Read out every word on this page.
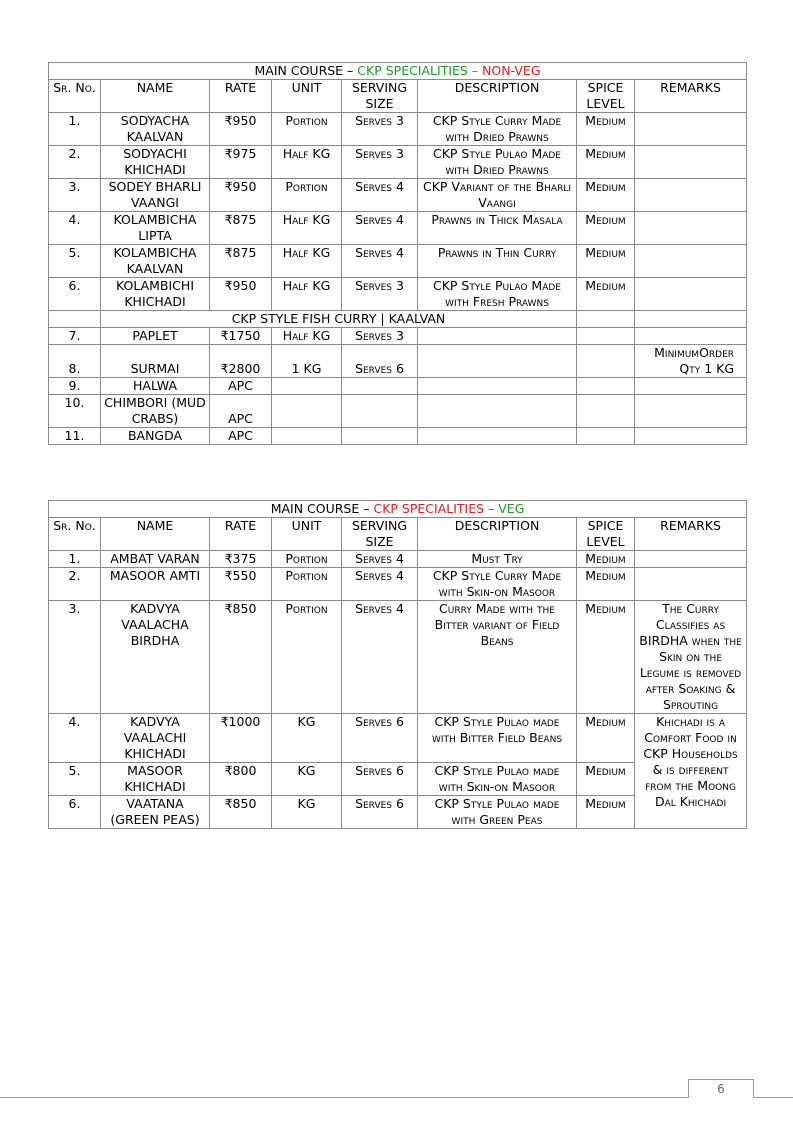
MAIN COURSE – CKP SPECIALITIES – NON-VEG							
Sr. No.	NAME	RATE	UNIT	SERVING SIZE	DESCRIPTION	SPICE LEVEL	REMARKS
1.	SODYACHA KAALVAN	₹950	Portion	Serves 3	CKP Style Curry Made with Dried Prawns	Medium	
2.	SODYACHI KHICHADI	₹975	Half KG	Serves 3	CKP Style Pulao Made with Dried Prawns	Medium	
3.	SODEY BHARLI VAANGI	₹950	Portion	Serves 4	CKP Variant of the Bharli Vaangi	Medium	
4.	KOLAMBICHA LIPTA	₹875	Half KG	Serves 4	Prawns in Thick Masala	Medium	
5.	KOLAMBICHA KAALVAN	₹875	Half KG	Serves 4	Prawns in Thin Curry	Medium	
6.	KOLAMBICHI KHICHADI	₹950	Half KG	Serves 3	CKP Style Pulao Made with Fresh Prawns	Medium	
	CKP STYLE FISH CURRY | KAALVAN						
7.	PAPLET	₹1750	Half KG	Serves 3			
8.	SURMAI	₹2800	1 KG	Serves 6			MinimumOrder Qty 1 KG
9.	HALWA	APC					
10.	CHIMBORI (MUD CRABS)	APC					
11.	BANGDA	APC					
MAIN COURSE – CKP SPECIALITIES – VEG							
Sr. No.	NAME	RATE	UNIT	SERVING SIZE	DESCRIPTION	SPICE LEVEL	REMARKS
1.	AMBAT VARAN	₹375	Portion	Serves 4	Must Try	Medium	
2.	MASOOR AMTI	₹550	Portion	Serves 4	CKP Style Curry Made with Skin-on Masoor	Medium	
3.	KADVYA VAALACHA BIRDHA	₹850	Portion	Serves 4	Curry Made with the Bitter variant of Field Beans	Medium	The Curry Classifies as BIRDHA when the Skin on the Legume is removed after Soaking & Sprouting
4.	KADVYA VAALACHI KHICHADI	₹1000	KG	Serves 6	CKP Style Pulao made with Bitter Field Beans	Medium	Khichadi is a Comfort Food in CKP Households & is different from the Moong Dal Khichadi
5.	MASOOR KHICHADI	₹800	KG	Serves 6	CKP Style Pulao made with Skin-on Masoor	Medium	
6.	VAATANA (GREEN PEAS)	₹850	KG	Serves 6	CKP Style Pulao made with Green Peas	Medium	
6
